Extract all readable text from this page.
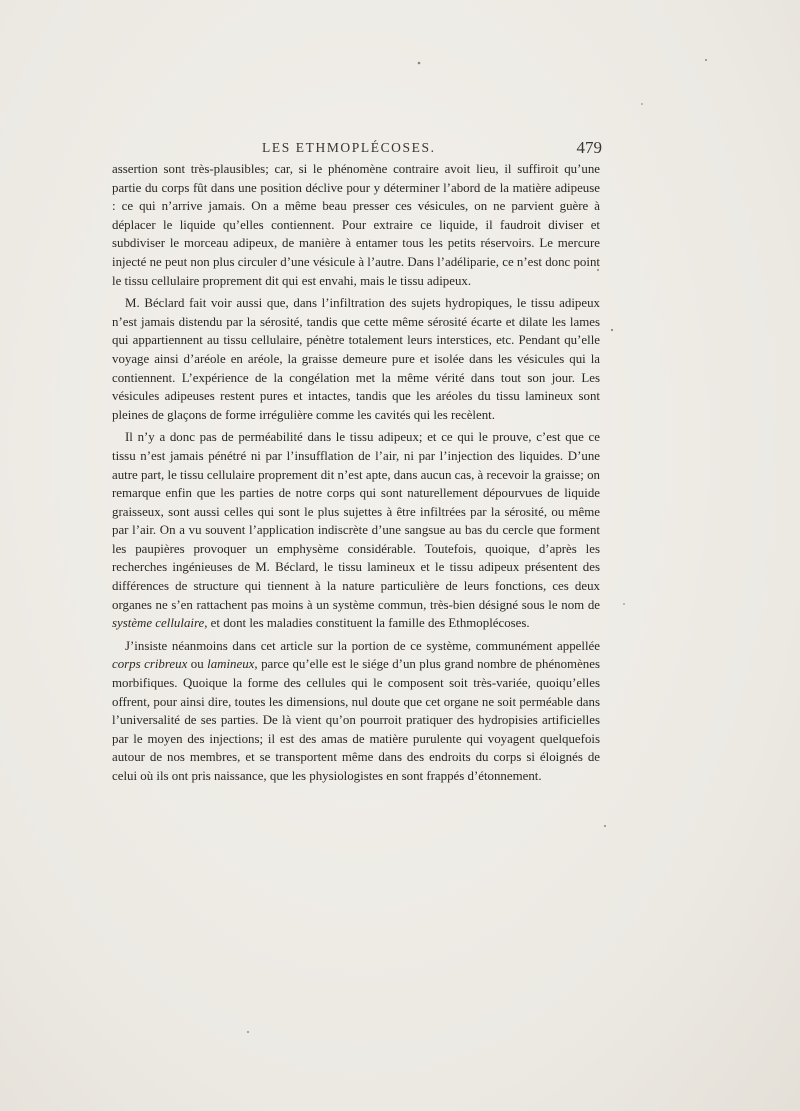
LES ETHMOPLÉCOSES.	479

assertion sont très-plausibles; car, si le phénomène contraire avoit lieu, il suffiroit qu’une partie du corps fût dans une position déclive pour y déterminer l’abord de la matière adipeuse : ce qui n’arrive jamais. On a même beau presser ces vésicules, on ne parvient guère à déplacer le liquide qu’elles contiennent. Pour extraire ce liquide, il faudroit diviser et subdiviser le morceau adipeux, de manière à entamer tous les petits réservoirs. Le mercure injecté ne peut non plus circuler d’une vésicule à l’autre. Dans l’adéliparie, ce n’est donc point le tissu cellulaire proprement dit qui est envahi, mais le tissu adipeux.

M. Béclard fait voir aussi que, dans l’infiltration des sujets hydropiques, le tissu adipeux n’est jamais distendu par la sérosité, tandis que cette même sérosité écarte et dilate les lames qui appartiennent au tissu cellulaire, pénètre totalement leurs interstices, etc. Pendant qu’elle voyage ainsi d’aréole en aréole, la graisse demeure pure et isolée dans les vésicules qui la contiennent. L’expérience de la congélation met la même vérité dans tout son jour. Les vésicules adipeuses restent pures et intactes, tandis que les aréoles du tissu lamineux sont pleines de glaçons de forme irrégulière comme les cavités qui les recèlent.

Il n’y a donc pas de perméabilité dans le tissu adipeux; et ce qui le prouve, c’est que ce tissu n’est jamais pénétré ni par l’insufflation de l’air, ni par l’injection des liquides. D’une autre part, le tissu cellulaire proprement dit n’est apte, dans aucun cas, à recevoir la graisse; on remarque enfin que les parties de notre corps qui sont naturellement dépourvues de liquide graisseux, sont aussi celles qui sont le plus sujettes à être infiltrées par la sérosité, ou même par l’air. On a vu souvent l’application indiscrète d’une sangsue au bas du cercle que forment les paupières provoquer un emphysème considérable. Toutefois, quoique, d’après les recherches ingénieuses de M. Béclard, le tissu lamineux et le tissu adipeux présentent des différences de structure qui tiennent à la nature particulière de leurs fonctions, ces deux organes ne s’en rattachent pas moins à un système commun, très-bien désigné sous le nom de système cellulaire, et dont les maladies constituent la famille des Ethmoplécoses.

J’insiste néanmoins dans cet article sur la portion de ce système, communément appellée corps cribreux ou lamineux, parce qu’elle est le siége d’un plus grand nombre de phénomènes morbifiques. Quoique la forme des cellules qui le composent soit très-variée, quoiqu’elles offrent, pour ainsi dire, toutes les dimensions, nul doute que cet organe ne soit perméable dans l’universalité de ses parties. De là vient qu’on pourroit pratiquer des hydropisies artificielles par le moyen des injections; il est des amas de matière purulente qui voyagent quelquefois autour de nos membres, et se transportent même dans des endroits du corps si éloignés de celui où ils ont pris naissance, que les physiologistes en sont frappés d’étonnement.
